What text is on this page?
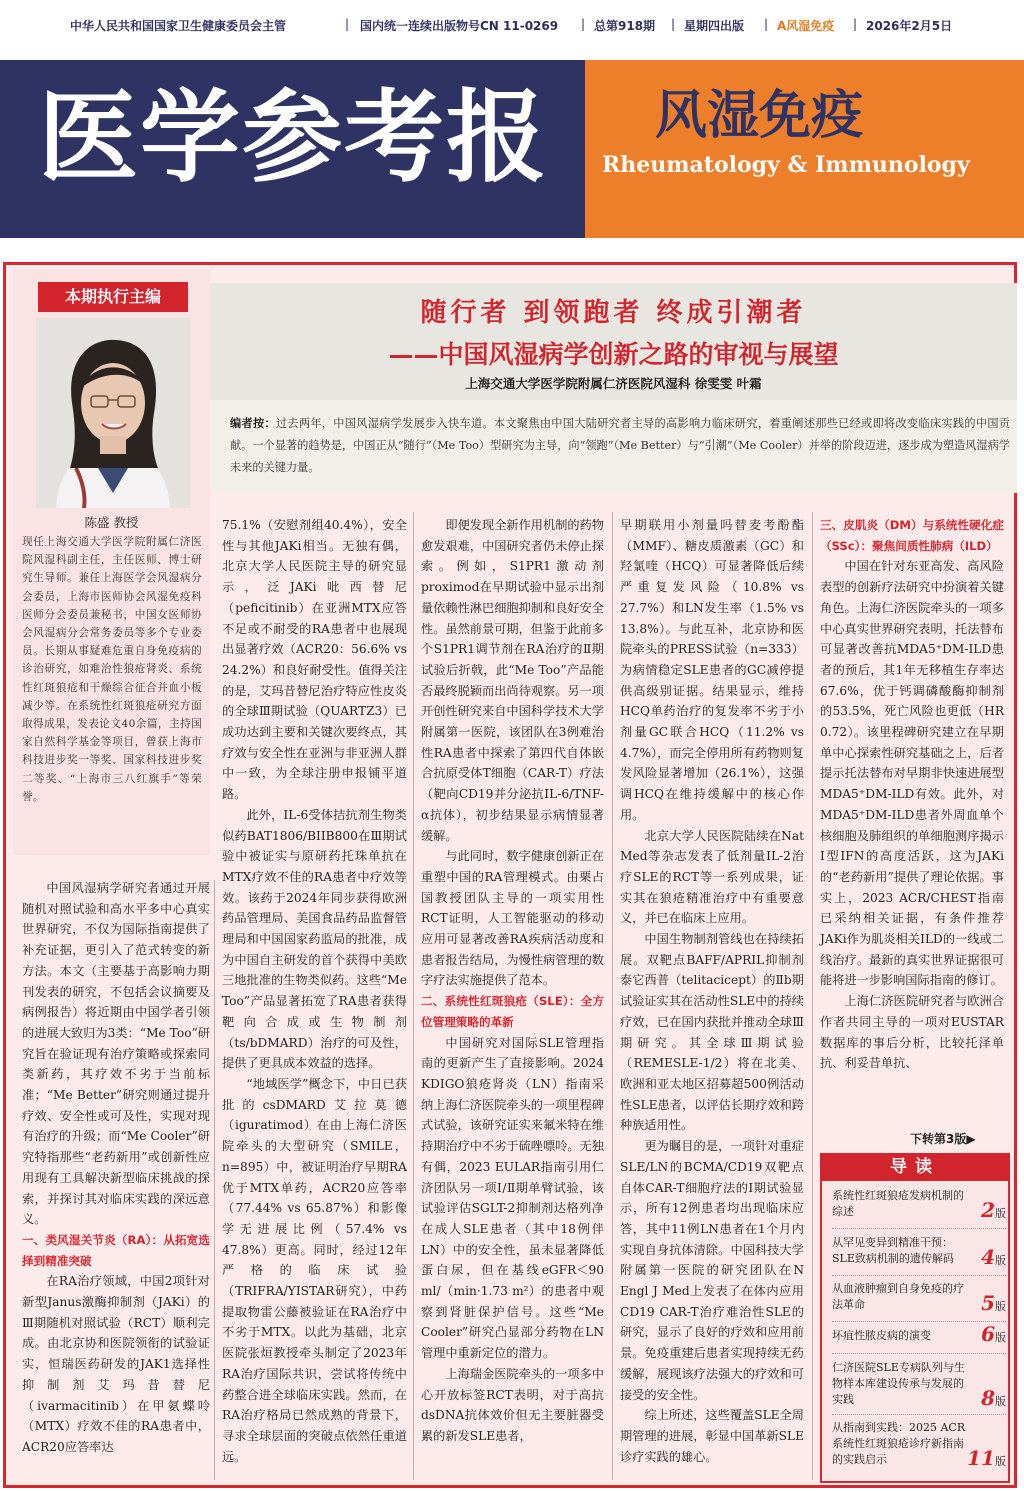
中华人民共和国国家卫生健康委员会主管	| 国内统一连续出版物号CN 11-0269 | 总第918期 | 星期四出版 | A风湿免疫 | 2026年2月5日
医学参考报 风湿免疫
Rheumatology & Immunology
本期执行主编
陈盛 教授
现任上海交通大学医学院附属仁济医院风湿科副主任，主任医师、博士研究生导师。兼任上海医学会风湿病分会委员，上海市医师协会风湿免疫科医师分会委员兼秘书，中国女医师协会风湿病分会常务委员等多个专业委员。长期从事疑难危重自身免疫病的诊治研究，如难治性狼疮肾炎、系统性红斑狼疮和干燥综合征合并血小板减少等。在系统性红斑狼疮研究方面取得成果，发表论文40余篇，主持国家自然科学基金等项目，曾获上海市科技进步奖一等奖、国家科技进步奖二等奖、“上海市三八红旗手”等荣誉。
随行者 到领跑者 终成引潮者
——中国风湿病学创新之路的审视与展望
上海交通大学医学院附属仁济医院风湿科 徐雯雯 叶霜
编者按：过去两年，中国风湿病学发展步入快车道。本文聚焦由中国大陆研究者主导的高影响力临床研究，着重阐述那些已经或即将改变临床实践的中国贡献。一个显著的趋势是，中国正从“随行”（Me Too）型研究为主导，向“领跑”（Me Better）与“引潮”（Me Cooler）并举的阶段迈进，逐步成为塑造风湿病学未来的关键力量。

中国风湿病学研究者通过开展随机对照试验和高水平多中心真实世界研究，不仅为国际指南提供了补充证据，更引入了范式转变的新方法。本文（主要基于高影响力期刊发表的研究，不包括会议摘要及病例报告）将近期由中国学者引领的进展大致归为3类：“Me Too”研究旨在验证现有治疗策略或探索同类新药，其疗效不劣于当前标准；“Me Better”研究则通过提升疗效、安全性或可及性，实现对现有治疗的升级；而“Me Cooler”研究特指那些“老药新用”或创新性应用现有工具解决新型临床挑战的探索，并探讨其对临床实践的深远意义。

一、类风湿关节炎（RA）：从拓宽选择到精准突破

在RA治疗领域，中国2项针对新型Janus激酶抑制剂（JAKi）的Ⅲ期随机对照试验（RCT）顺利完成。由北京协和医院领衔的试验证实，恒瑞医药研发的JAK1选择性抑制剂艾玛昔替尼（ivarmacitinib）在甲氨蝶呤（MTX）疗效不佳的RA患者中，ACR20应答率达

75.1%（安慰剂组40.4%），安全性与其他JAKi相当。无独有偶，北京大学人民医院主导的研究显示，泛JAKi吡西替尼（peficitinib）在亚洲MTX应答不足或不耐受的RA患者中也展现出显著疗效（ACR20：56.6% vs 24.2%）和良好耐受性。值得关注的是，艾玛昔替尼治疗特应性皮炎的全球Ⅲ期试验（QUARTZ3）已成功达到主要和关键次要终点，其疗效与安全性在亚洲与非亚洲人群中一致，为全球注册申报铺平道路。

此外，IL-6受体拮抗剂生物类似药BAT1806/BIIB800在Ⅲ期试验中被证实与原研药托珠单抗在MTX疗效不佳的RA患者中疗效等效。该药于2024年同步获得欧洲药品管理局、美国食品药品监督管理局和中国国家药监局的批准，成为中国自主研发的首个获得中美欧三地批准的生物类似药。这些“Me Too”产品显著拓宽了RA患者获得靶向合成或生物制剂（ts/bDMARD）治疗的可及性，提供了更具成本效益的选择。

“地域医学”概念下，中日已获批的csDMARD艾拉莫德（iguratimod）在由上海仁济医院牵头的大型研究（SMILE，n=895）中，被证明治疗早期RA优于MTX单药，ACR20应答率（77.44% vs 65.87%）和影像学无进展比例（57.4% vs 47.8%）更高。同时，经过12年严格的临床试验（TRIFRA/YISTAR研究），中药提取物雷公藤被验证在RA治疗中不劣于MTX。以此为基础，北京医院张烜教授牵头制定了2023年RA治疗国际共识，尝试将传统中药整合进全球临床实践。然而，在RA治疗格局已然成熟的背景下，寻求全球层面的突破点依然任重道远。

即便发现全新作用机制的药物愈发艰难，中国研究者仍未停止探索。例如，S1PR1激动剂proximod在早期试验中显示出剂量依赖性淋巴细胞抑制和良好安全性。虽然前景可期，但鉴于此前多个S1PR1调节剂在RA治疗的Ⅱ期试验后折戟，此“Me Too”产品能否最终脱颖而出尚待观察。另一项开创性研究来自中国科学技术大学附属第一医院，该团队在3例难治性RA患者中探索了第四代自体嵌合抗原受体T细胞（CAR-T）疗法（靶向CD19并分泌抗IL-6/TNF-α抗体），初步结果显示病情显著缓解。

与此同时，数字健康创新正在重塑中国的RA管理模式。由栗占国教授团队主导的一项实用性RCT证明，人工智能驱动的移动应用可显著改善RA疾病活动度和患者报告结局，为慢性病管理的数字疗法实施提供了范本。

二、系统性红斑狼疮（SLE）：全方位管理策略的革新

中国研究对国际SLE管理指南的更新产生了直接影响。2024 KDIGO狼疮肾炎（LN）指南采纳上海仁济医院牵头的一项里程碑式试验，该研究证实来氟米特在维持期治疗中不劣于硫唑嘌呤。无独有偶，2023 EULAR指南引用仁济团队另一项Ⅰ/Ⅱ期单臂试验，该试验评估SGLT-2抑制剂达格列净在成人SLE患者（其中18例伴LN）中的安全性，虽未显著降低蛋白尿，但在基线eGFR＜90 ml/（min·1.73 m²）的患者中观察到肾脏保护信号。这些“Me Cooler”研究凸显部分药物在LN管理中重新定位的潜力。

上海瑞金医院牵头的一项多中心开放标签RCT表明，对于高抗dsDNA抗体效价但无主要脏器受累的新发SLE患者，

早期联用小剂量吗替麦考酚酯（MMF）、糖皮质激素（GC）和羟氯喹（HCQ）可显著降低后续严重复发风险（10.8% vs 27.7%）和LN发生率（1.5% vs 13.8%）。与此互补，北京协和医院牵头的PRESS试验（n=333）为病情稳定SLE患者的GC减停提供高级别证据。结果显示，维持HCQ单药治疗的复发率不劣于小剂量GC联合HCQ（11.2% vs 4.7%），而完全停用所有药物则复发风险显著增加（26.1%），这强调HCQ在维持缓解中的核心作用。

北京大学人民医院陆续在Nat Med等杂志发表了低剂量IL-2治疗SLE的RCT等一系列成果，证实其在狼疮精准治疗中有重要意义，并已在临床上应用。

中国生物制剂管线也在持续拓展。双靶点BAFF/APRIL抑制剂泰它西普（telitacicept）的Ⅱb期试验证实其在活动性SLE中的持续疗效，已在国内获批并推动全球Ⅲ期研究。其全球Ⅲ期试验（REMESLE-1/2）将在北美、欧洲和亚太地区招募超500例活动性SLE患者，以评估长期疗效和跨种族适用性。

更为瞩目的是，一项针对重症SLE/LN的BCMA/CD19双靶点自体CAR-T细胞疗法的Ⅰ期试验显示，所有12例患者均出现临床应答，其中11例LN患者在1个月内实现自身抗体清除。中国科技大学附属第一医院的研究团队在N Engl J Med上发表了在体内应用CD19 CAR-T治疗难治性SLE的研究，显示了良好的疗效和应用前景。免疫重建后患者实现持续无药缓解，展现该疗法强大的疗效和可接受的安全性。

综上所述，这些覆盖SLE全周期管理的进展，彰显中国革新SLE诊疗实践的雄心。

三、皮肌炎（DM）与系统性硬化症（SSc）：聚焦间质性肺病（ILD）

中国在针对东亚高发、高风险表型的创新疗法研究中扮演着关键角色。上海仁济医院牵头的一项多中心真实世界研究表明，托法替布可显著改善抗MDA5⁺DM-ILD患者的预后，其1年无移植生存率达67.6%，优于钙调磷酸酶抑制剂的53.5%，死亡风险也更低（HR 0.72）。该里程碑研究建立在早期单中心探索性研究基础之上，后者提示托法替布对早期非快速进展型MDA5⁺DM-ILD有效。此外，对MDA5⁺DM-ILD患者外周血单个核细胞及肺组织的单细胞测序揭示Ⅰ型IFN的高度活跃，这为JAKi的“老药新用”提供了理论依据。事实上，2023 ACR/CHEST指南已采纳相关证据，有条件推荐JAKi作为肌炎相关ILD的一线或二线治疗。最新的真实世界证据很可能将进一步影响国际指南的修订。

上海仁济医院研究者与欧洲合作者共同主导的一项对EUSTAR数据库的事后分析，比较托泽单抗、利妥昔单抗、

下转第3版▶
导读
系统性红斑狼疮发病机制的综述	2版
从罕见变异到精准干预：SLE致病机制的遗传解码	4版
从血液肿瘤到自身免疫的疗法革命	5版
坏疽性脓皮病的演变	6版
仁济医院SLE专病队列与生物样本库建设传承与发展的实践	8版
从指南到实践：2025 ACR系统性红斑狼疮诊疗新指南的实践启示	11版
